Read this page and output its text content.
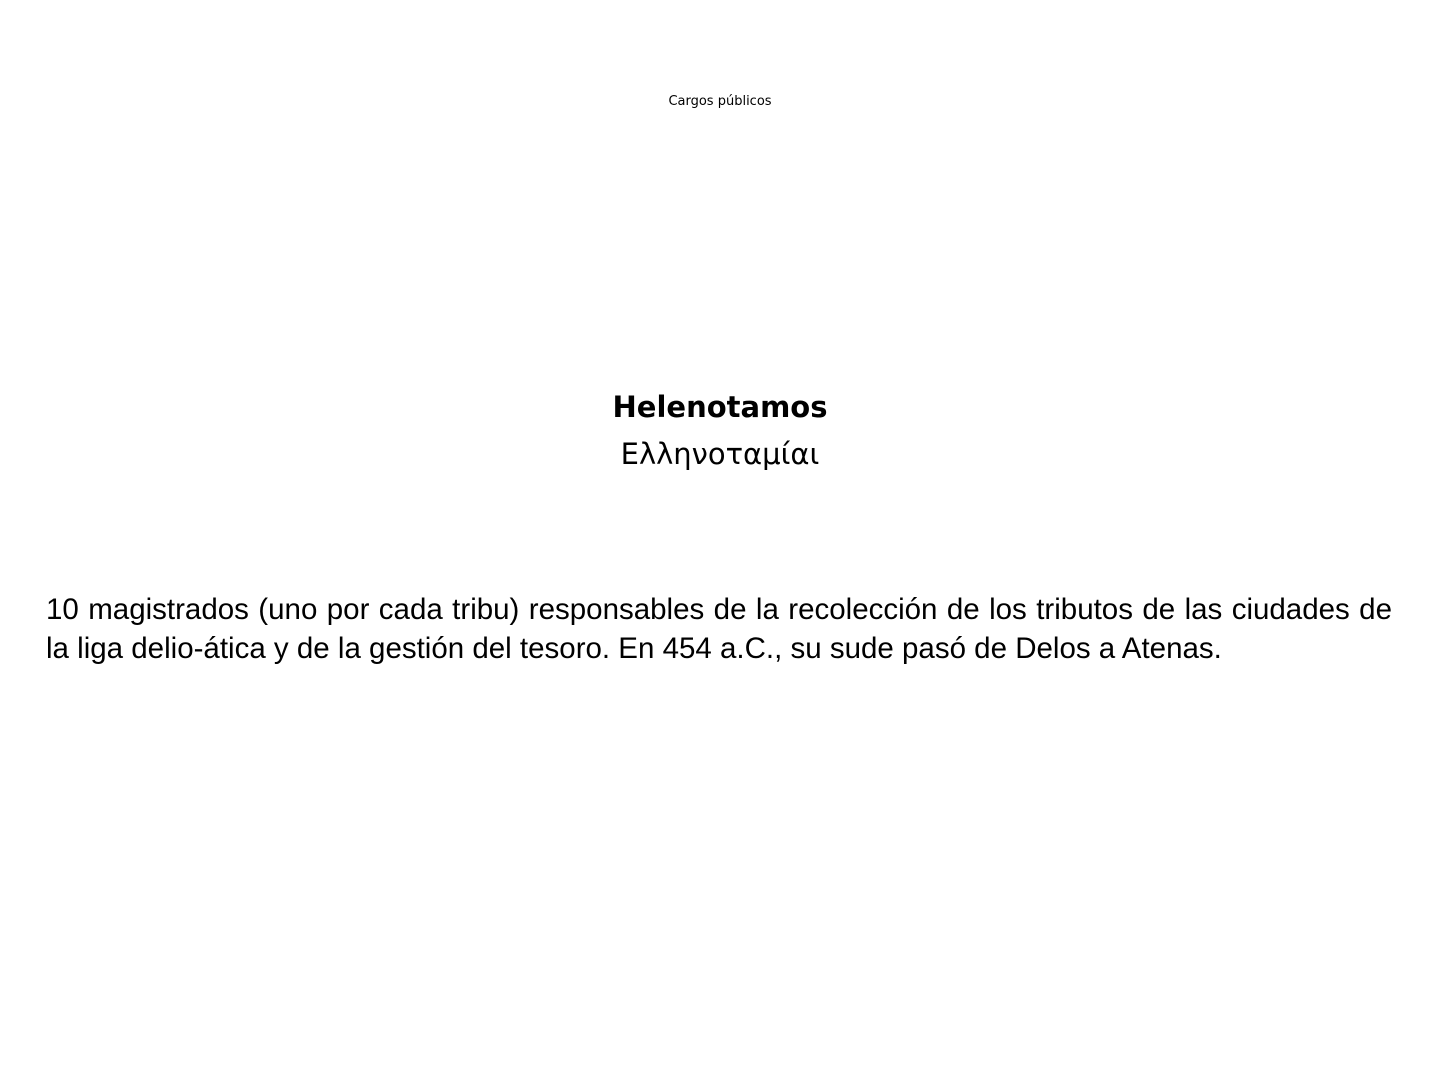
Cargos públicos
Helenotamos
Ελληνοταμίαι

10 magistrados (uno por cada tribu) responsables de la recolección de los tributos de las ciudades de la liga delio-ática y de la gestión del tesoro. En 454 a.C., su sude pasó de Delos a Atenas.
